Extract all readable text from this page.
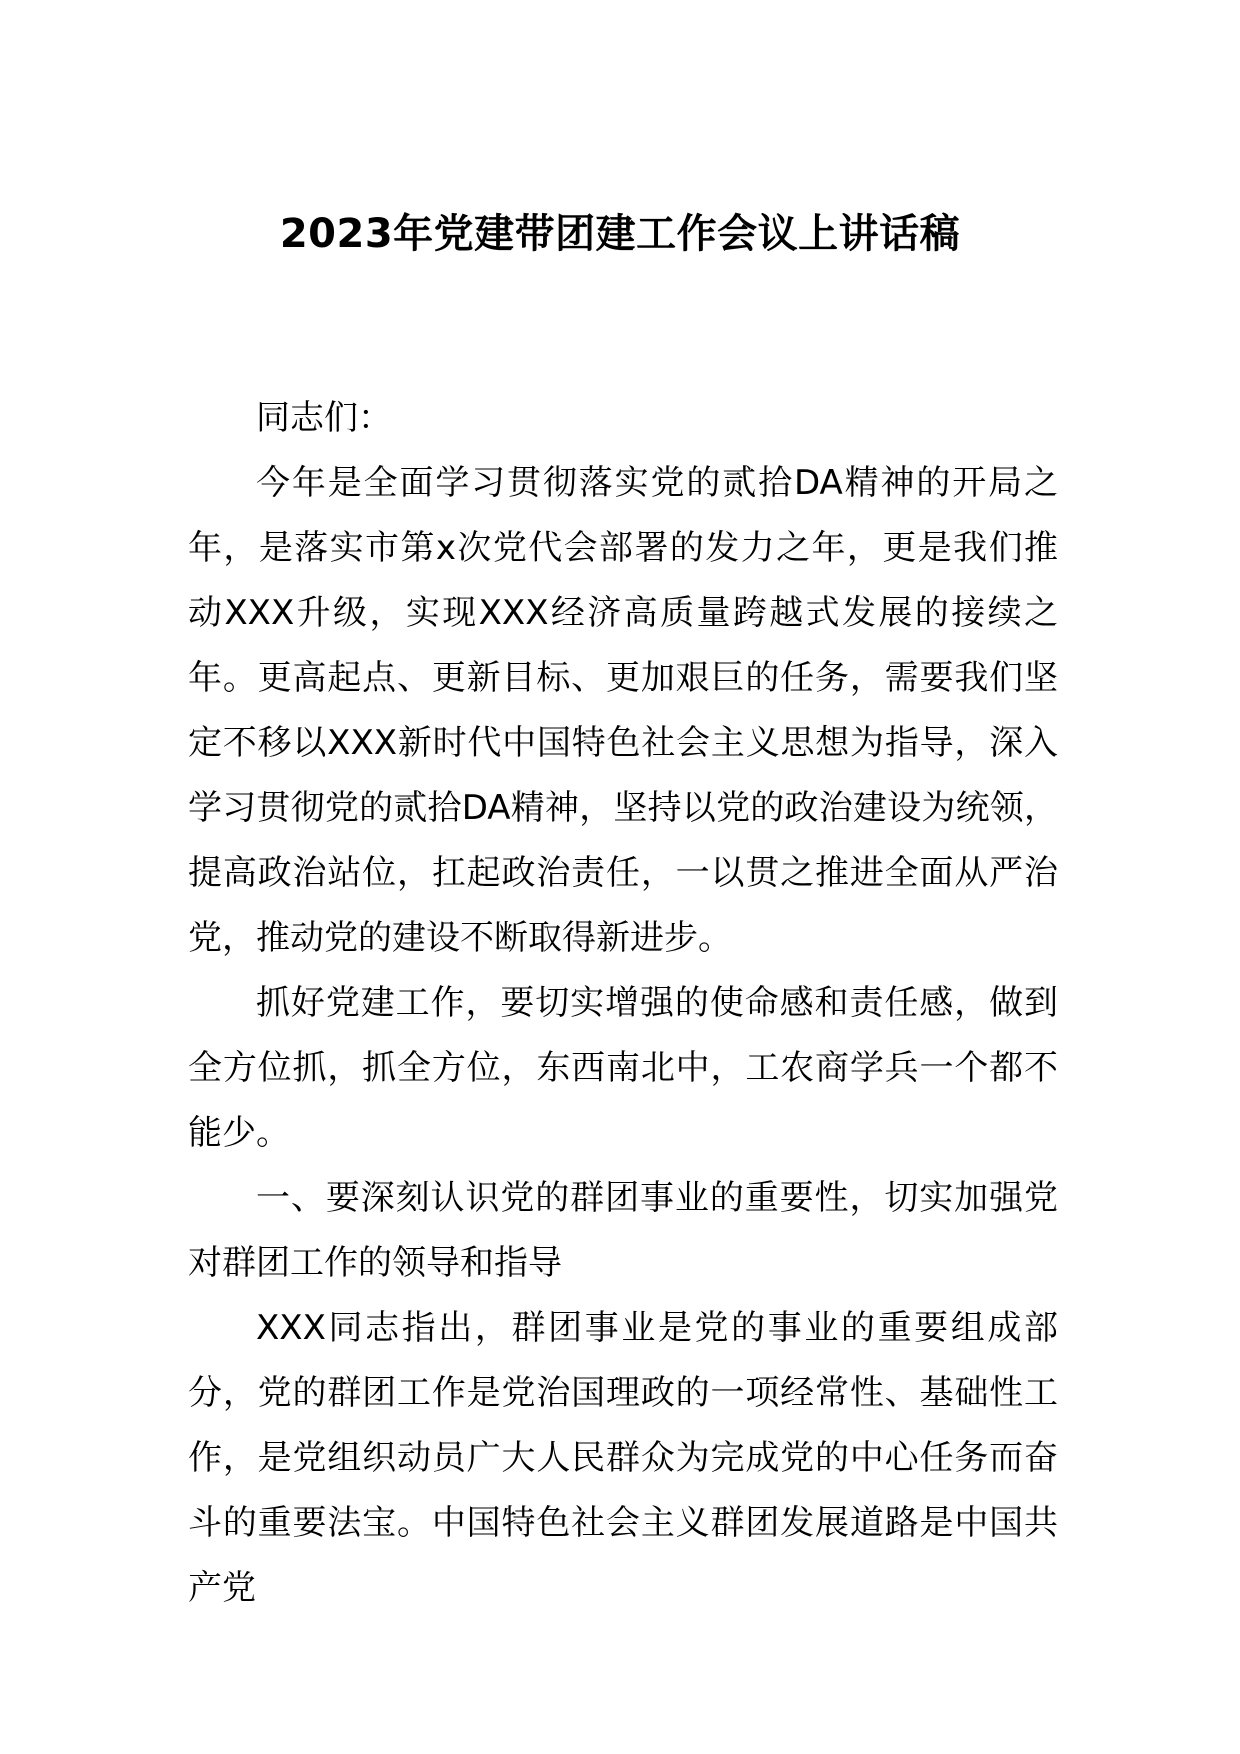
2023年党建带团建工作会议上讲话稿

同志们：

今年是全面学习贯彻落实党的贰拾DA精神的开局之年，是落实市第x次党代会部署的发力之年，更是我们推动XXX升级，实现XXX经济高质量跨越式发展的接续之年。更高起点、更新目标、更加艰巨的任务，需要我们坚定不移以XXX新时代中国特色社会主义思想为指导，深入学习贯彻党的贰拾DA精神，坚持以党的政治建设为统领，提高政治站位，扛起政治责任，一以贯之推进全面从严治党，推动党的建设不断取得新进步。

抓好党建工作，要切实增强的使命感和责任感，做到全方位抓，抓全方位，东西南北中，工农商学兵一个都不能少。

一、要深刻认识党的群团事业的重要性，切实加强党对群团工作的领导和指导

XXX同志指出，群团事业是党的事业的重要组成部分，党的群团工作是党治国理政的一项经常性、基础性工作，是党组织动员广大人民群众为完成党的中心任务而奋斗的重要法宝。中国特色社会主义群团发展道路是中国共产党
